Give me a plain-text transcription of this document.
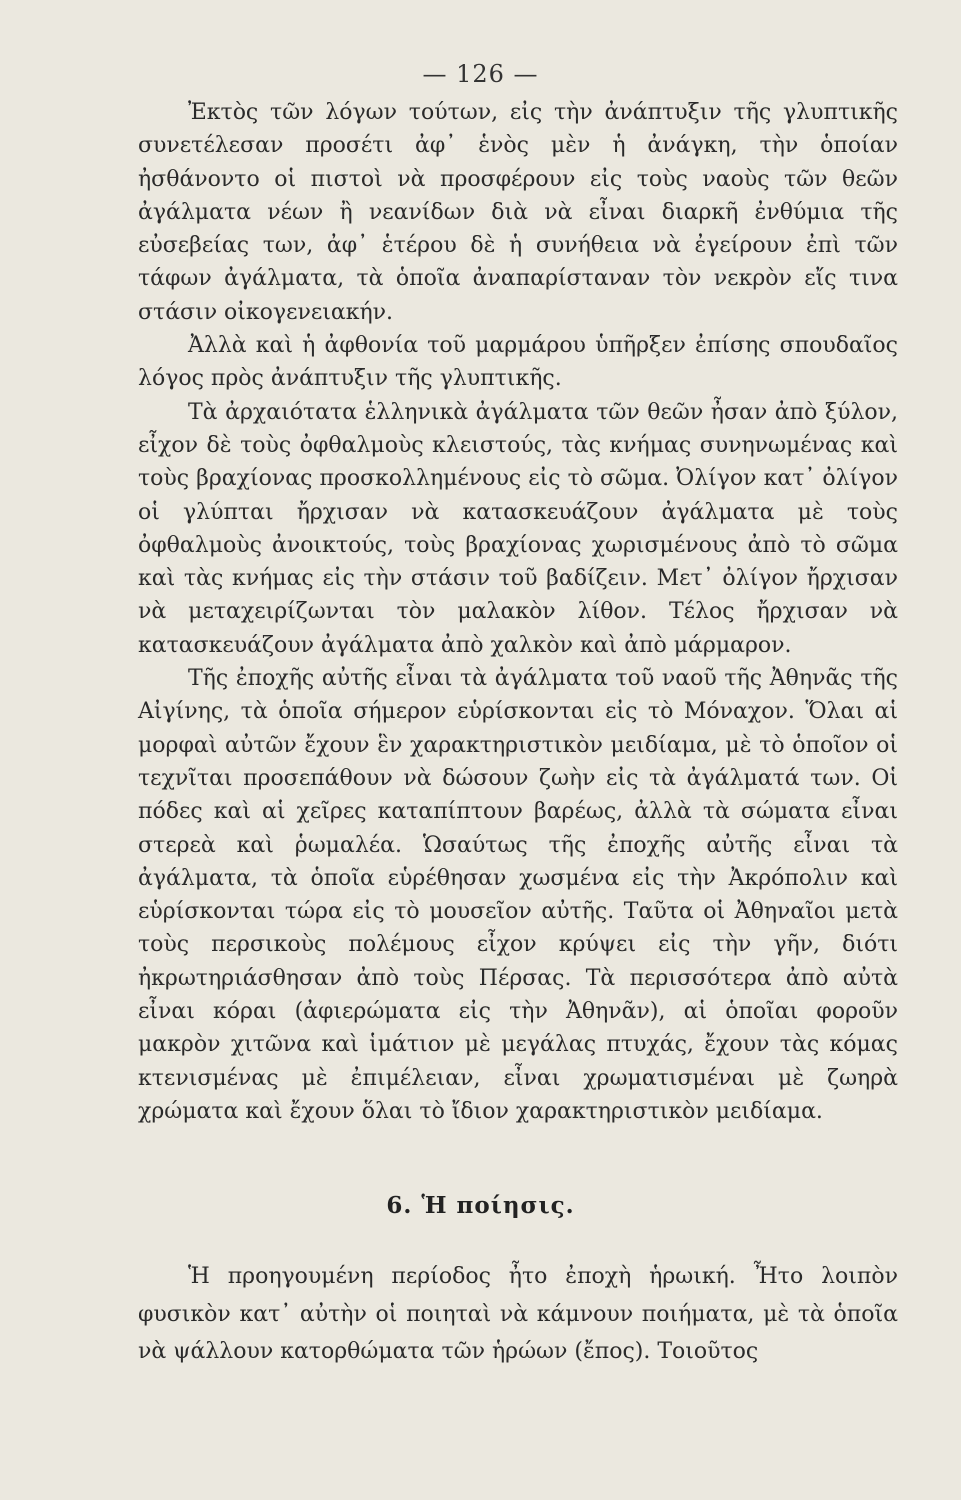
— 126 —

Ἐκτὸς τῶν λόγων τούτων, εἰς τὴν ἀνάπτυξιν τῆς γλυπτικῆς συνετέλεσαν προσέτι ἀφ᾿ ἑνὸς μὲν ἡ ἀνάγκη, τὴν ὁποίαν ἠσθάνοντο οἱ πιστοὶ νὰ προσφέρουν εἰς τοὺς ναοὺς τῶν θεῶν ἀγάλματα νέων ἢ νεανίδων διὰ νὰ εἶναι διαρκῆ ἐνθύμια τῆς εὐσεβείας των, ἀφ᾿ ἑτέρου δὲ ἡ συνήθεια νὰ ἐγείρουν ἐπὶ τῶν τάφων ἀγάλματα, τὰ ὁποῖα ἀναπαρίσταναν τὸν νεκρὸν εἴς τινα στάσιν οἰκογενειακήν.

Ἀλλὰ καὶ ἡ ἀφθονία τοῦ μαρμάρου ὑπῆρξεν ἐπίσης σπουδαῖος λόγος πρὸς ἀνάπτυξιν τῆς γλυπτικῆς.

Τὰ ἀρχαιότατα ἑλληνικὰ ἀγάλματα τῶν θεῶν ἦσαν ἀπὸ ξύλον, εἶχον δὲ τοὺς ὀφθαλμοὺς κλειστούς, τὰς κνήμας συνηνωμένας καὶ τοὺς βραχίονας προσκολλημένους εἰς τὸ σῶμα. Ὀλίγον κατ᾿ ὀλίγον οἱ γλύπται ἤρχισαν νὰ κατασκευάζουν ἀγάλματα μὲ τοὺς ὀφθαλμοὺς ἀνοικτούς, τοὺς βραχίονας χωρισμένους ἀπὸ τὸ σῶμα καὶ τὰς κνήμας εἰς τὴν στάσιν τοῦ βαδίζειν. Μετ᾿ ὀλίγον ἤρχισαν νὰ μεταχειρίζωνται τὸν μαλακὸν λίθον. Τέλος ἤρχισαν νὰ κατασκευάζουν ἀγάλματα ἀπὸ χαλκὸν καὶ ἀπὸ μάρμαρον.

Τῆς ἐποχῆς αὐτῆς εἶναι τὰ ἀγάλματα τοῦ ναοῦ τῆς Ἀθηνᾶς τῆς Αἰγίνης, τὰ ὁποῖα σήμερον εὑρίσκονται εἰς τὸ Μόναχον. Ὅλαι αἱ μορφαὶ αὐτῶν ἔχουν ἓν χαρακτηριστικὸν μειδίαμα, μὲ τὸ ὁποῖον οἱ τεχνῖται προσεπάθουν νὰ δώσουν ζωὴν εἰς τὰ ἀγάλματά των. Οἱ πόδες καὶ αἱ χεῖρες καταπίπτουν βαρέως, ἀλλὰ τὰ σώματα εἶναι στερεὰ καὶ ῥωμαλέα. Ὡσαύτως τῆς ἐποχῆς αὐτῆς εἶναι τὰ ἀγάλματα, τὰ ὁποῖα εὑρέθησαν χωσμένα εἰς τὴν Ἀκρόπολιν καὶ εὑρίσκονται τώρα εἰς τὸ μουσεῖον αὐτῆς. Ταῦτα οἱ Ἀθηναῖοι μετὰ τοὺς περσικοὺς πολέμους εἶχον κρύψει εἰς τὴν γῆν, διότι ἠκρωτηριάσθησαν ἀπὸ τοὺς Πέρσας. Τὰ περισσότερα ἀπὸ αὐτὰ εἶναι κόραι (ἀφιερώματα εἰς τὴν Ἀθηνᾶν), αἱ ὁποῖαι φοροῦν μακρὸν χιτῶνα καὶ ἱμάτιον μὲ μεγάλας πτυχάς, ἔχουν τὰς κόμας κτενισμένας μὲ ἐπιμέλειαν, εἶναι χρωματισμέναι μὲ ζωηρὰ χρώματα καὶ ἔχουν ὅλαι τὸ ἴδιον χαρακτηριστικὸν μειδίαμα.

6. Ἡ ποίησις.

Ἡ προηγουμένη περίοδος ἦτο ἐποχὴ ἡρωική. Ἦτο λοιπὸν φυσικὸν κατ᾿ αὐτὴν οἱ ποιηταὶ νὰ κάμνουν ποιήματα, μὲ τὰ ὁποῖα νὰ ψάλλουν κατορθώματα τῶν ἡρώων (ἔπος). Τοιοῦτος
